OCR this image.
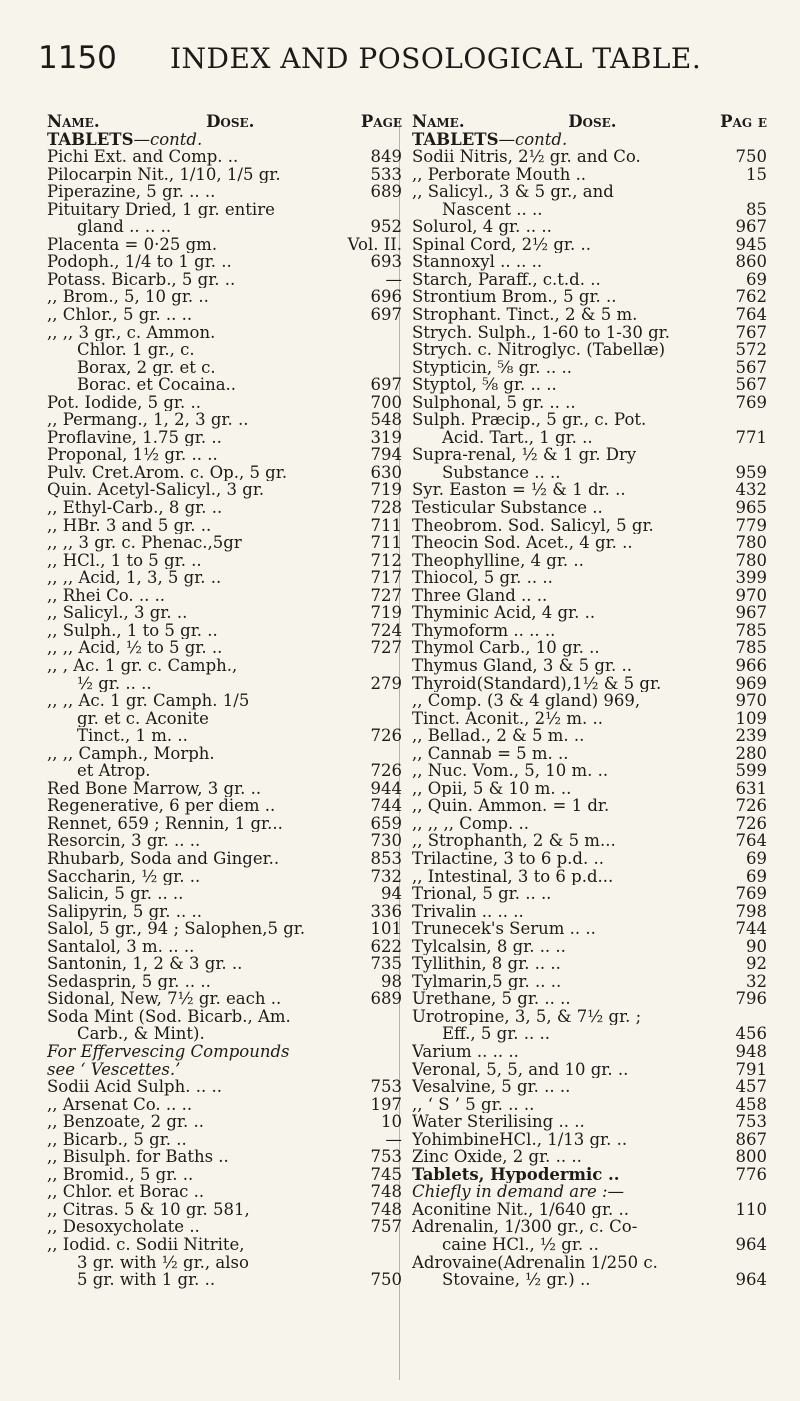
1150 INDEX AND POSOLOGICAL TABLE.
Name.	Dose.	Page
TABLETS—contd.
Pichi Ext. and Comp. ..	849
Pilocarpin Nit., 1/10, 1/5 gr.	533
Piperazine, 5 gr. .. ..	689
Pituitary Dried, 1 gr. entire
gland .. .. ..	952
Placenta = 0·25 gm.	Vol. II.
Podoph., 1/4 to 1 gr. ..	693
Potass. Bicarb., 5 gr. ..	—
,, Brom., 5, 10 gr. ..	696
,, Chlor., 5 gr. .. ..	697
,, ,, 3 gr., c. Ammon.
Chlor. 1 gr., c.
Borax, 2 gr. et c.
Borac. et Cocaina..	697
Pot. Iodide, 5 gr. ..	700
,, Permang., 1, 2, 3 gr. ..	548
Proflavine, 1.75 gr. ..	319
Proponal, 1½ gr. .. ..	794
Pulv. Cret.Arom. c. Op., 5 gr.	630
Quin. Acetyl-Salicyl., 3 gr.	719
,, Ethyl-Carb., 8 gr. ..	728
,, HBr. 3 and 5 gr. ..	711
,, ,, 3 gr. c. Phenac.,5gr	711
,, HCl., 1 to 5 gr. ..	712
,, ,, Acid, 1, 3, 5 gr. ..	717
,, Rhei Co. .. ..	727
,, Salicyl., 3 gr. ..	719
,, Sulph., 1 to 5 gr. ..	724
,, ,, Acid, ½ to 5 gr. ..	727
,, , Ac. 1 gr. c. Camph.,
½ gr. .. ..	279
,, ,, Ac. 1 gr. Camph. 1/5
gr. et c. Aconite
Tinct., 1 m. ..	726
,, ,, Camph., Morph.
et Atrop.	726
Red Bone Marrow, 3 gr. ..	944
Regenerative, 6 per diem ..	744
Rennet, 659 ; Rennin, 1 gr...	659
Resorcin, 3 gr. .. ..	730
Rhubarb, Soda and Ginger..	853
Saccharin, ½ gr. ..	732
Salicin, 5 gr. .. ..	94
Salipyrin, 5 gr. .. ..	336
Salol, 5 gr., 94 ; Salophen,5 gr.	101
Santalol, 3 m. .. ..	622
Santonin, 1, 2 & 3 gr. ..	735
Sedasprin, 5 gr. .. ..	98
Sidonal, New, 7½ gr. each ..	689
Soda Mint (Sod. Bicarb., Am.
Carb., & Mint).
For Effervescing Compounds
see ‘ Vescettes.’
Sodii Acid Sulph. .. ..	753
,, Arsenat Co. .. ..	197
,, Benzoate, 2 gr. ..	10
,, Bicarb., 5 gr. ..	—
,, Bisulph. for Baths ..	753
,, Bromid., 5 gr. ..	745
,, Chlor. et Borac ..	748
,, Citras. 5 & 10 gr. 581,	748
,, Desoxycholate ..	757
,, Iodid. c. Sodii Nitrite,
3 gr. with ½ gr., also
5 gr. with 1 gr. ..	750
Name.	Dose.	Pag e
TABLETS—contd.
Sodii Nitris, 2½ gr. and Co.	750
,, Perborate Mouth ..	15
,, Salicyl., 3 & 5 gr., and
Nascent .. ..	85
Solurol, 4 gr. .. ..	967
Spinal Cord, 2½ gr. ..	945
Stannoxyl .. .. ..	860
Starch, Paraff., c.t.d. ..	69
Strontium Brom., 5 gr. ..	762
Strophant. Tinct., 2 & 5 m.	764
Strych. Sulph., 1-60 to 1-30 gr.	767
Strych. c. Nitroglyc. (Tabellæ)	572
Stypticin, ⅝ gr. .. ..	567
Styptol, ⅝ gr. .. ..	567
Sulphonal, 5 gr. .. ..	769
Sulph. Præcip., 5 gr., c. Pot.
Acid. Tart., 1 gr. ..	771
Supra-renal, ½ & 1 gr. Dry
Substance .. ..	959
Syr. Easton = ½ & 1 dr. ..	432
Testicular Substance ..	965
Theobrom. Sod. Salicyl, 5 gr.	779
Theocin Sod. Acet., 4 gr. ..	780
Theophylline, 4 gr. ..	780
Thiocol, 5 gr. .. ..	399
Three Gland .. ..	970
Thyminic Acid, 4 gr. ..	967
Thymoform .. .. ..	785
Thymol Carb., 10 gr. ..	785
Thymus Gland, 3 & 5 gr. ..	966
Thyroid(Standard),1½ & 5 gr.	969
,, Comp. (3 & 4 gland) 969,	970
Tinct. Aconit., 2½ m. ..	109
,, Bellad., 2 & 5 m. ..	239
,, Cannab = 5 m. ..	280
,, Nuc. Vom., 5, 10 m. ..	599
,, Opii, 5 & 10 m. ..	631
,, Quin. Ammon. = 1 dr.	726
,, ,, ,, Comp. ..	726
,, Strophanth, 2 & 5 m...	764
Trilactine, 3 to 6 p.d. ..	69
,, Intestinal, 3 to 6 p.d...	69
Trional, 5 gr. .. ..	769
Trivalin .. .. ..	798
Trunecek's Serum .. ..	744
Tylcalsin, 8 gr. .. ..	90
Tyllithin, 8 gr. .. ..	92
Tylmarin,5 gr. .. ..	32
Urethane, 5 gr. .. ..	796
Urotropine, 3, 5, & 7½ gr. ;
Eff., 5 gr. .. ..	456
Varium .. .. ..	948
Veronal, 5, 5, and 10 gr. ..	791
Vesalvine, 5 gr. .. ..	457
,, ‘ S ’ 5 gr. .. ..	458
Water Sterilising .. ..	753
YohimbineHCl., 1/13 gr. ..	867
Zinc Oxide, 2 gr. .. ..	800
Tablets, Hypodermic ..	776
Chiefly in demand are :—
Aconitine Nit., 1/640 gr. ..	110
Adrenalin, 1/300 gr., c. Co-
caine HCl., ½ gr. ..	964
Adrovaine(Adrenalin 1/250 c.
Stovaine, ½ gr.) ..	964
